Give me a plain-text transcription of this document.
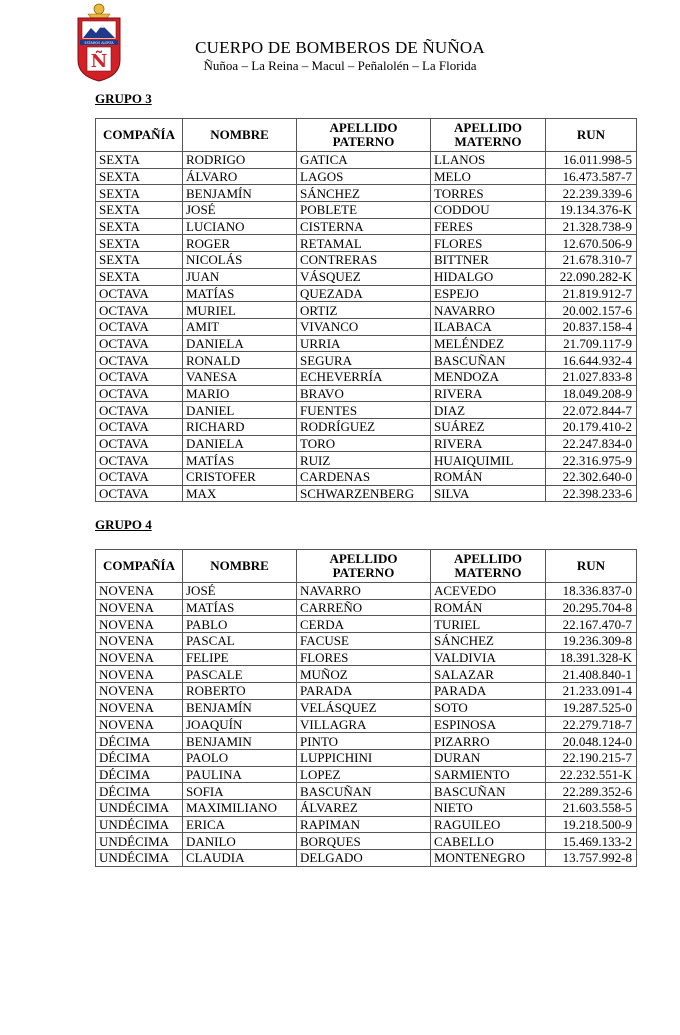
ESTAMOS ALERTA
Ñ
CUERPO DE BOMBEROS DE ÑUÑOA
Ñuñoa – La Reina – Macul – Peñalolén – La Florida
GRUPO 3
COMPAÑÍA	NOMBRE	APELLIDO PATERNO	APELLIDO MATERNO	RUN
SEXTA	RODRIGO	GATICA	LLANOS	16.011.998-5
SEXTA	ÁLVARO	LAGOS	MELO	16.473.587-7
SEXTA	BENJAMÍN	SÁNCHEZ	TORRES	22.239.339-6
SEXTA	JOSÉ	POBLETE	CODDOU	19.134.376-K
SEXTA	LUCIANO	CISTERNA	FERES	21.328.738-9
SEXTA	ROGER	RETAMAL	FLORES	12.670.506-9
SEXTA	NICOLÁS	CONTRERAS	BITTNER	21.678.310-7
SEXTA	JUAN	VÁSQUEZ	HIDALGO	22.090.282-K
OCTAVA	MATÍAS	QUEZADA	ESPEJO	21.819.912-7
OCTAVA	MURIEL	ORTIZ	NAVARRO	20.002.157-6
OCTAVA	AMIT	VIVANCO	ILABACA	20.837.158-4
OCTAVA	DANIELA	URRIA	MELÉNDEZ	21.709.117-9
OCTAVA	RONALD	SEGURA	BASCUÑAN	16.644.932-4
OCTAVA	VANESA	ECHEVERRÍA	MENDOZA	21.027.833-8
OCTAVA	MARIO	BRAVO	RIVERA	18.049.208-9
OCTAVA	DANIEL	FUENTES	DIAZ	22.072.844-7
OCTAVA	RICHARD	RODRÍGUEZ	SUÁREZ	20.179.410-2
OCTAVA	DANIELA	TORO	RIVERA	22.247.834-0
OCTAVA	MATÍAS	RUIZ	HUAIQUIMIL	22.316.975-9
OCTAVA	CRISTOFER	CARDENAS	ROMÁN	22.302.640-0
OCTAVA	MAX	SCHWARZENBERG	SILVA	22.398.233-6
GRUPO 4
COMPAÑÍA	NOMBRE	APELLIDO PATERNO	APELLIDO MATERNO	RUN
NOVENA	JOSÉ	NAVARRO	ACEVEDO	18.336.837-0
NOVENA	MATÍAS	CARREÑO	ROMÁN	20.295.704-8
NOVENA	PABLO	CERDA	TURIEL	22.167.470-7
NOVENA	PASCAL	FACUSE	SÁNCHEZ	19.236.309-8
NOVENA	FELIPE	FLORES	VALDIVIA	18.391.328-K
NOVENA	PASCALE	MUÑOZ	SALAZAR	21.408.840-1
NOVENA	ROBERTO	PARADA	PARADA	21.233.091-4
NOVENA	BENJAMÍN	VELÁSQUEZ	SOTO	19.287.525-0
NOVENA	JOAQUÍN	VILLAGRA	ESPINOSA	22.279.718-7
DÉCIMA	BENJAMIN	PINTO	PIZARRO	20.048.124-0
DÉCIMA	PAOLO	LUPPICHINI	DURAN	22.190.215-7
DÉCIMA	PAULINA	LOPEZ	SARMIENTO	22.232.551-K
DÉCIMA	SOFIA	BASCUÑAN	BASCUÑAN	22.289.352-6
UNDÉCIMA	MAXIMILIANO	ÁLVAREZ	NIETO	21.603.558-5
UNDÉCIMA	ERICA	RAPIMAN	RAGUILEO	19.218.500-9
UNDÉCIMA	DANILO	BORQUES	CABELLO	15.469.133-2
UNDÉCIMA	CLAUDIA	DELGADO	MONTENEGRO	13.757.992-8
